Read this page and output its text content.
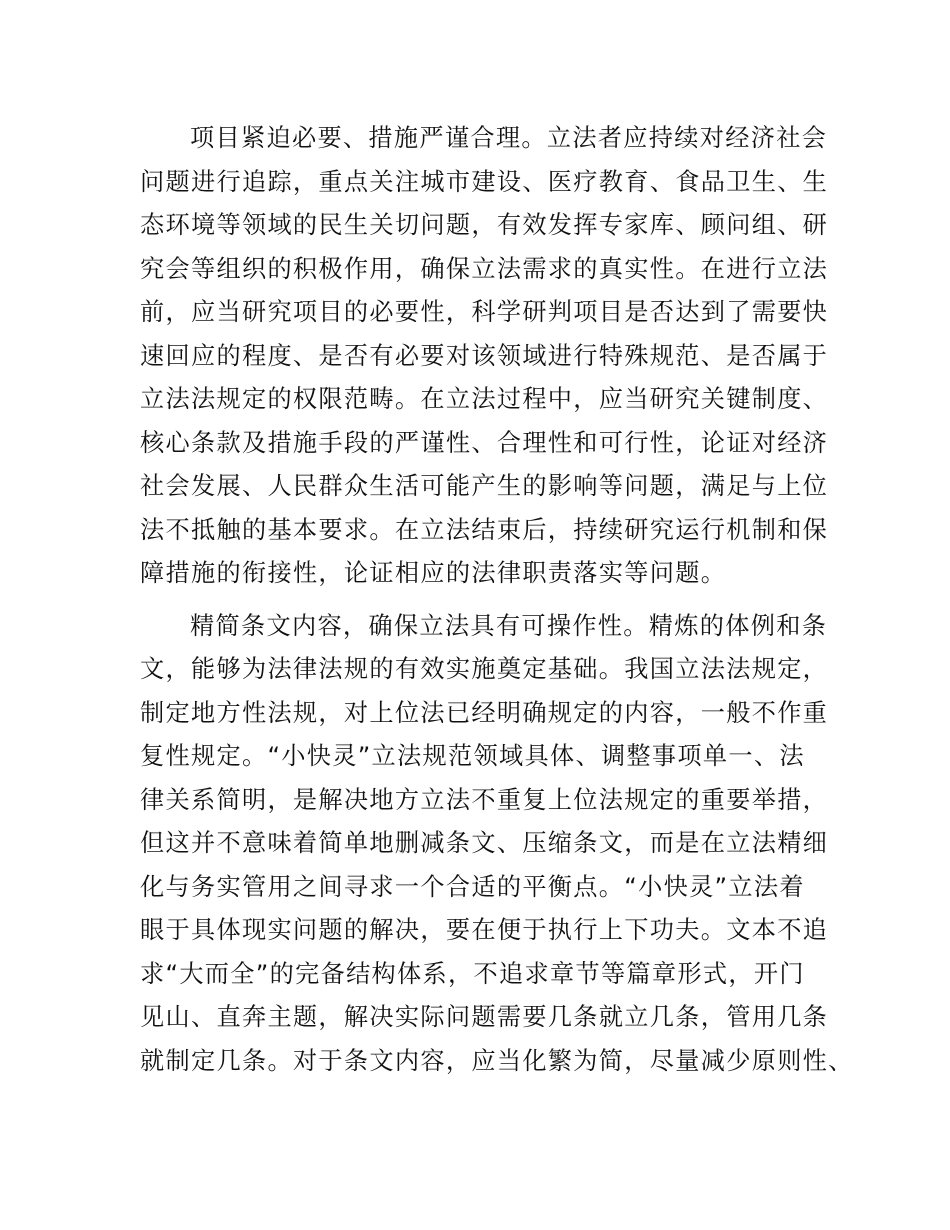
项目紧迫必要、措施严谨合理。立法者应持续对经济社会
问题进行追踪，重点关注城市建设、医疗教育、食品卫生、生
态环境等领域的民生关切问题，有效发挥专家库、顾问组、研
究会等组织的积极作用，确保立法需求的真实性。在进行立法
前，应当研究项目的必要性，科学研判项目是否达到了需要快
速回应的程度、是否有必要对该领域进行特殊规范、是否属于
立法法规定的权限范畴。在立法过程中，应当研究关键制度、
核心条款及措施手段的严谨性、合理性和可行性，论证对经济
社会发展、人民群众生活可能产生的影响等问题，满足与上位
法不抵触的基本要求。在立法结束后，持续研究运行机制和保
障措施的衔接性，论证相应的法律职责落实等问题。
精简条文内容，确保立法具有可操作性。精炼的体例和条
文，能够为法律法规的有效实施奠定基础。我国立法法规定，
制定地方性法规，对上位法已经明确规定的内容，一般不作重
复性规定。“小快灵”立法规范领域具体、调整事项单一、法
律关系简明，是解决地方立法不重复上位法规定的重要举措，
但这并不意味着简单地删减条文、压缩条文，而是在立法精细
化与务实管用之间寻求一个合适的平衡点。“小快灵”立法着
眼于具体现实问题的解决，要在便于执行上下功夫。文本不追
求“大而全”的完备结构体系，不追求章节等篇章形式，开门
见山、直奔主题，解决实际问题需要几条就立几条，管用几条
就制定几条。对于条文内容，应当化繁为简，尽量减少原则性、
